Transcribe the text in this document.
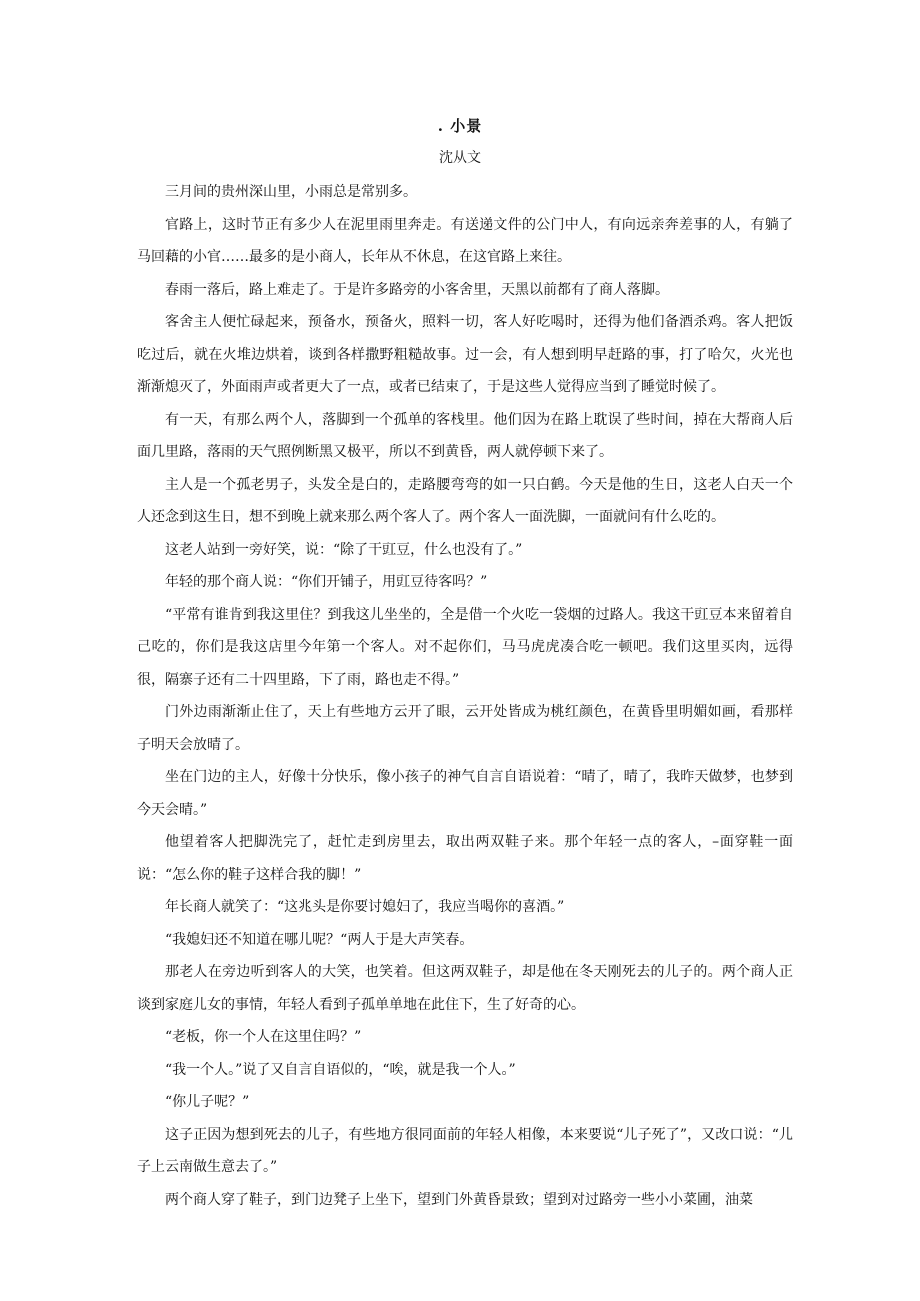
. 小景
沈从文

三月间的贵州深山里，小雨总是常别多。

官路上，这时节正有多少人在泥里雨里奔走。有送递文件的公门中人，有向远亲奔差事的人，有躺了马回藉的小官……最多的是小商人，长年从不休息，在这官路上来往。

春雨一落后，路上难走了。于是许多路旁的小客舍里，天黑以前都有了商人落脚。

客舍主人便忙碌起来，预备水，预备火，照料一切，客人好吃喝时，还得为他们备酒杀鸡。客人把饭吃过后，就在火堆边烘着，谈到各样撒野粗糙故事。过一会，有人想到明早赶路的事，打了哈欠，火光也渐渐熄灭了，外面雨声或者更大了一点，或者已结束了，于是这些人觉得应当到了睡觉时候了。

有一天，有那么两个人，落脚到一个孤单的客栈里。他们因为在路上耽误了些时间，掉在大帮商人后面几里路，落雨的天气照例断黑又极平，所以不到黄昏，两人就停顿下来了。

主人是一个孤老男子，头发全是白的，走路腰弯弯的如一只白鹤。今天是他的生日，这老人白天一个人还念到这生日，想不到晚上就来那么两个客人了。两个客人一面洗脚，一面就问有什么吃的。

这老人站到一旁好笑，说：“除了干豇豆，什么也没有了。”

年轻的那个商人说：“你们开铺子，用豇豆待客吗？”

“平常有谁肯到我这里住？到我这儿坐坐的，全是借一个火吃一袋烟的过路人。我这干豇豆本来留着自己吃的，你们是我这店里今年第一个客人。对不起你们，马马虎虎凑合吃一顿吧。我们这里买肉，远得很，隔寨子还有二十四里路，下了雨，路也走不得。”

门外边雨渐渐止住了，天上有些地方云开了眼，云开处皆成为桃红颜色，在黄昏里明媚如画，看那样子明天会放晴了。

坐在门边的主人，好像十分快乐，像小孩子的神气自言自语说着：“晴了，晴了，我昨天做梦，也梦到今天会晴。”

他望着客人把脚洗完了，赶忙走到房里去，取出两双鞋子来。那个年轻一点的客人，–面穿鞋一面说：“怎么你的鞋子这样合我的脚！”

年长商人就笑了：“这兆头是你要讨媳妇了，我应当喝你的喜酒。”

“我媳妇还不知道在哪儿呢？“两人于是大声笑春。

那老人在旁边听到客人的大笑，也笑着。但这两双鞋子，却是他在冬天刚死去的儿子的。两个商人正谈到家庭儿女的事情，年轻人看到子孤单单地在此住下，生了好奇的心。

“老板，你一个人在这里住吗？”

“我一个人。”说了又自言自语似的，“唉，就是我一个人。”

“你儿子呢？”

这子正因为想到死去的儿子，有些地方很同面前的年轻人相像，本来要说“儿子死了”，又改口说：“儿子上云南做生意去了。”

两个商人穿了鞋子，到门边凳子上坐下，望到门外黄昏景致；望到对过路旁一些小小菜圃，油菜
